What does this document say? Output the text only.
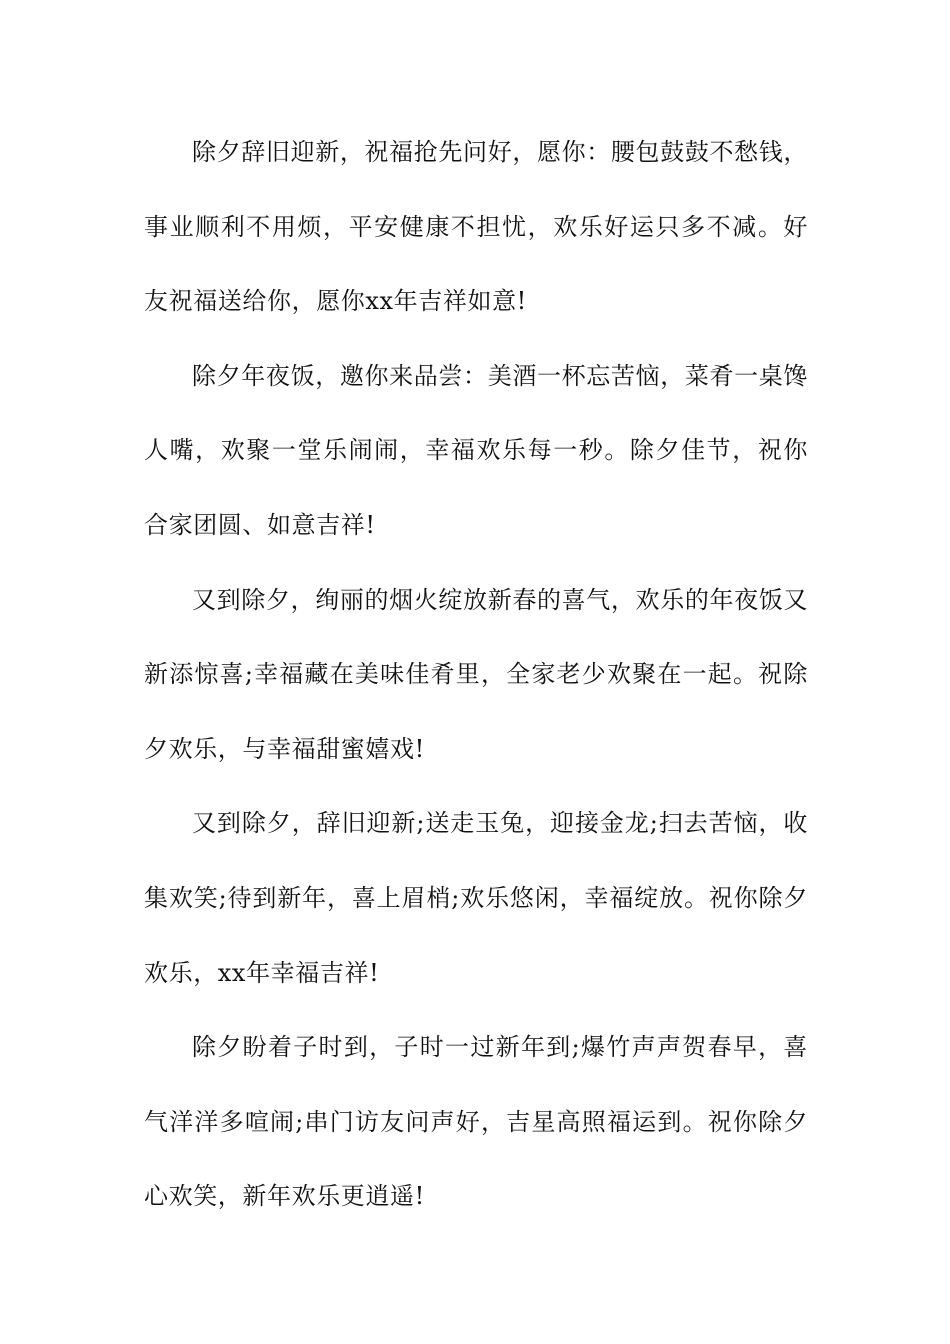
除夕辞旧迎新，祝福抢先问好，愿你：腰包鼓鼓不愁钱，事业顺利不用烦，平安健康不担忧，欢乐好运只多不减。好友祝福送给你，愿你xx年吉祥如意!

除夕年夜饭，邀你来品尝：美酒一杯忘苦恼，菜肴一桌馋人嘴，欢聚一堂乐闹闹，幸福欢乐每一秒。除夕佳节，祝你合家团圆、如意吉祥!

又到除夕，绚丽的烟火绽放新春的喜气，欢乐的年夜饭又新添惊喜;幸福藏在美味佳肴里，全家老少欢聚在一起。祝除夕欢乐，与幸福甜蜜嬉戏!

又到除夕，辞旧迎新;送走玉兔，迎接金龙;扫去苦恼，收集欢笑;待到新年，喜上眉梢;欢乐悠闲，幸福绽放。祝你除夕欢乐，xx年幸福吉祥!

除夕盼着子时到，子时一过新年到;爆竹声声贺春早，喜气洋洋多喧闹;串门访友问声好，吉星高照福运到。祝你除夕心欢笑，新年欢乐更逍遥!
